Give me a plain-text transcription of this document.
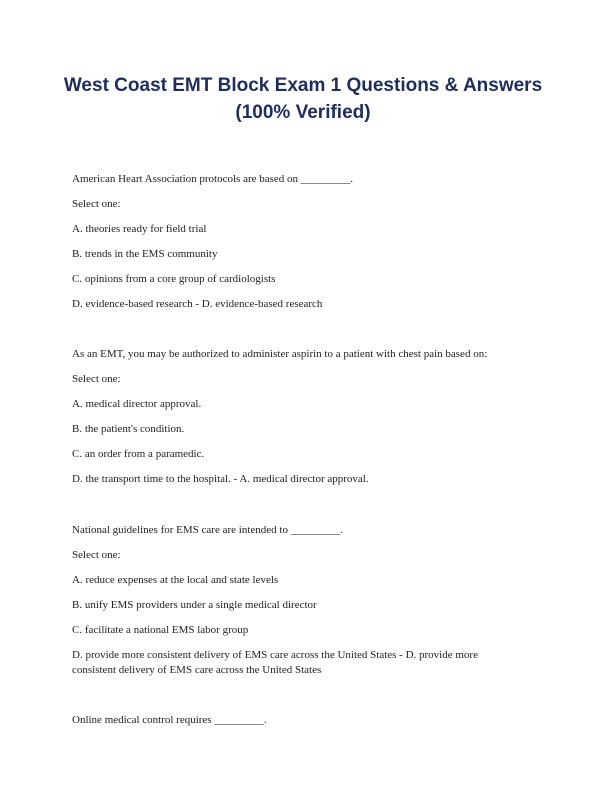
West Coast EMT Block Exam 1 Questions & Answers
(100% Verified)
American Heart Association protocols are based on _________.
Select one:
A. theories ready for field trial
B. trends in the EMS community
C. opinions from a core group of cardiologists
D. evidence-based research - D. evidence-based research
As an EMT, you may be authorized to administer aspirin to a patient with chest pain based on:
Select one:
A. medical director approval.
B. the patient's condition.
C. an order from a paramedic.
D. the transport time to the hospital. - A. medical director approval.
National guidelines for EMS care are intended to _________.
Select one:
A. reduce expenses at the local and state levels
B. unify EMS providers under a single medical director
C. facilitate a national EMS labor group
D. provide more consistent delivery of EMS care across the United States - D. provide more consistent delivery of EMS care across the United States
Online medical control requires _________.
